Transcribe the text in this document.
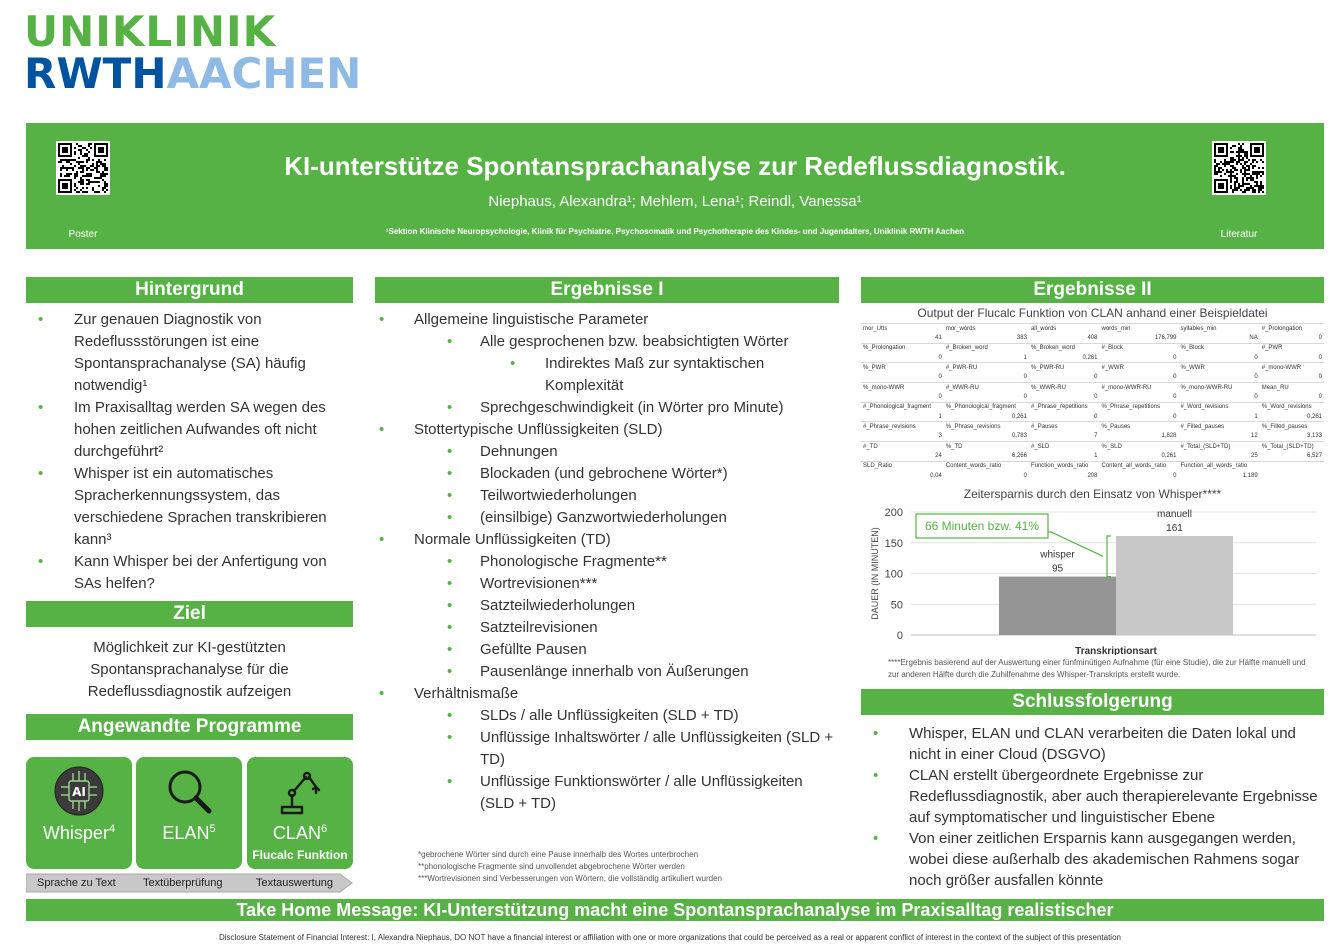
UNIKLINIK
RWTHAACHEN
Poster
KI-unterstütze Spontansprachanalyse zur Redeflussdiagnostik.
Niephaus, Alexandra¹; Mehlem, Lena¹; Reindl, Vanessa¹
¹Sektion Klinische Neuropsychologie, Klinik für Psychiatrie, Psychosomatik und Psychotherapie des Kindes- und Jugendalters, Uniklinik RWTH Aachen	Literatur
Hintergrund
• Zur genauen Diagnostik von Redeflussstörungen ist eine Spontansprachanalyse (SA) häufig notwendig¹
• Im Praxisalltag werden SA wegen des hohen zeitlichen Aufwandes oft nicht durchgeführt²
• Whisper ist ein automatisches Spracherkennungssystem, das verschiedene Sprachen transkribieren kann³
• Kann Whisper bei der Anfertigung von SAs helfen?
Ziel
Möglichkeit zur KI-gestützten Spontansprachanalyse für die Redeflussdiagnostik aufzeigen
Angewandte Programme
AI
Whisper$^4$	ELAN$^5$	CLAN$^6$
Flucalc Funktion
Sprache zu Text Textüberprüfung	Textauswertung
Ergebnisse I
• Allgemeine linguistische Parameter
• Alle gesprochenen bzw. beabsichtigten Wörter
• Indirektes Maß zur syntaktischen Komplexität
• Sprechgeschwindigkeit (in Wörter pro Minute)
• Stottertypische Unflüssigkeiten (SLD)
• Dehnungen
• Blockaden (und gebrochene Wörter*)
• Teilwortwiederholungen
• (einsilbige) Ganzwortwiederholungen
• Normale Unflüssigkeiten (TD)
• Phonologische Fragmente**
• Wortrevisionen***
• Satzteilwiederholungen
• Satzteilrevisionen
• Gefüllte Pausen
• Pausenlänge innerhalb von Äußerungen
• Verhältnismaße
• SLDs / alle Unflüssigkeiten (SLD + TD)
• Unflüssige Inhaltswörter / alle Unflüssigkeiten (SLD + TD)
• Unflüssige Funktionswörter / alle Unflüssigkeiten (SLD + TD)
*gebrochene Wörter sind durch eine Pause innerhalb des Wortes unterbrochen
**phonologische Fragmente sind unvollendet abgebrochene Wörter werden
***Wortrevisionen sind Verbesserungen von Wörtern, die vollständig artikuliert wurden
Ergebnisse II
Output der Flucalc Funktion von CLAN anhand einer Beispieldatei
mor_Utts	mor_words	all_words	words_min	syllables_min	#_Prolongation
41	383	408	176,799	NA	0
%_Prolongation	#_Broken_word	%_Broken_word	#_Block	%_Block	#_PWR
0	1	0,261	0	0	0
%_PWR	#_PWR-RU	%_PWR-RU	#_WWR	%_WWR	#_mono-WWR
0	0	0	0	0	0
%_mono-WWR	#_WWR-RU	%_WWR-RU	#_mono-WWR-RU	%_mono-WWR-RU	Mean_RU
0	0	0	0	0	0
#_Phonological_fragment	%_Phonological_fragment	#_Phrase_repetitions	%_Phrase_repetitions	#_Word_revisions	%_Word_revisions
1	0,261	0	0	1	0,261
#_Phrase_revisions	%_Phrase_revisions	#_Pauses	%_Pauses	#_Filled_pauses	%_Filled_pauses
3	0,783	7	1,828	12	3,133
#_TD	%_TD	#_SLD	%_SLD	#_Total_(SLD+TD)	%_Total_(SLD+TD)
24	6,266	1	0,261	25	6,527
SLD_Ratio	Content_words_ratio	Function_words_ratio	Content_all_words_ratio	Function_all_words_ratio	
0,04	0	208	0	1,189	
Zeitersparnis durch den Einsatz von Whisper****
0
50
100
150
200
DAUER (IN MINUTEN)
Transkriptionsart
whisper
95
manuell
161
66 Minuten bzw. 41%
****Ergebnis basierend auf der Auswertung einer fünfminütigen Aufnahme (für eine Studie), die zur Hälfte manuell und zur anderen Hälfte durch die Zuhilfenahme des Whisper-Transkripts erstellt wurde.
Schlussfolgerung
• Whisper, ELAN und CLAN verarbeiten die Daten lokal und nicht in einer Cloud (DSGVO)
• CLAN erstellt übergeordnete Ergebnisse zur Redeflussdiagnostik, aber auch therapierelevante Ergebnisse auf symptomatischer und linguistischer Ebene
• Von einer zeitlichen Ersparnis kann ausgegangen werden, wobei diese außerhalb des akademischen Rahmens sogar noch größer ausfallen könnte
Take Home Message: KI-Unterstützung macht eine Spontansprachanalyse im Praxisalltag realistischer
Disclosure Statement of Financial Interest: I, Alexandra Niephaus, DO NOT have a financial interest or affiliation with one or more organizations that could be perceived as a real or apparent conflict of interest in the context of the subject of this presentation
